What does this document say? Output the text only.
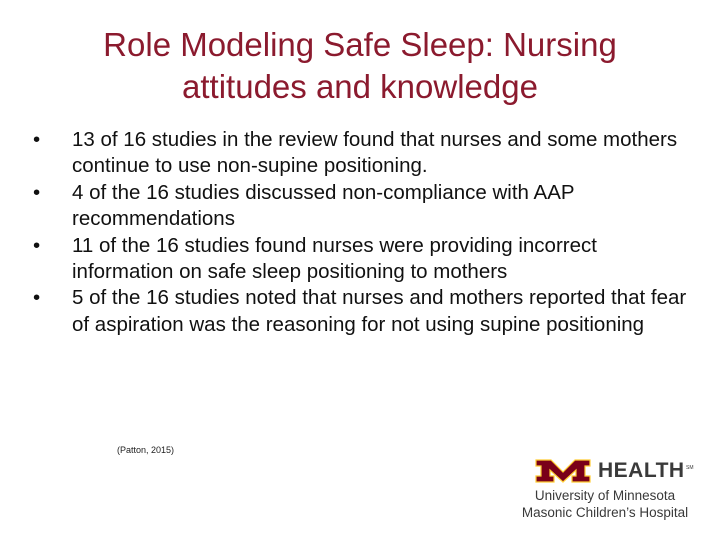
Role Modeling Safe Sleep: Nursing
attitudes and knowledge
• 13 of 16 studies in the review found that nurses and some mothers continue to use non-supine positioning.
• 4 of the 16 studies discussed non-compliance with AAP recommendations
• 11 of the 16 studies found nurses were providing incorrect information on safe sleep positioning to mothers
• 5 of the 16 studies noted that nurses and mothers reported that fear of aspiration was the reasoning for not using supine positioning
(Patton, 2015)
HEALTH SM
University of Minnesota
Masonic Children’s Hospital
